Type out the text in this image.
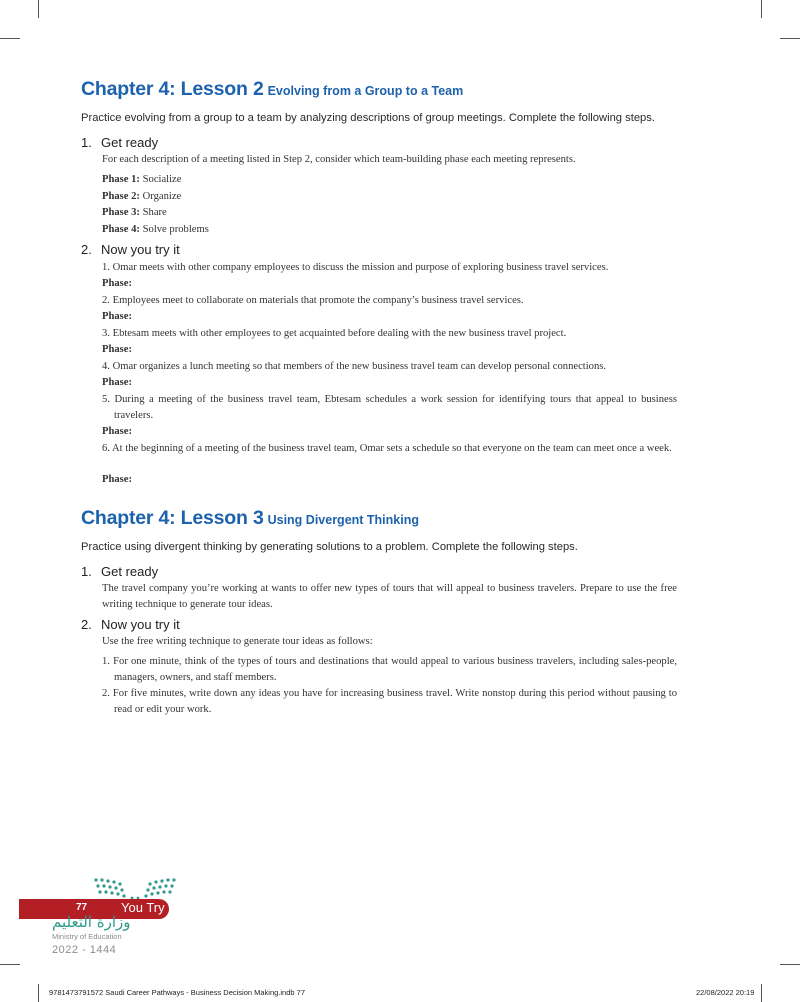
Chapter 4: Lesson 2 Evolving from a Group to a Team
Practice evolving from a group to a team by analyzing descriptions of group meetings. Complete the following steps.
1. Get ready
For each description of a meeting listed in Step 2, consider which team-building phase each meeting represents.
Phase 1: Socialize
Phase 2: Organize
Phase 3: Share
Phase 4: Solve problems
2. Now you try it
1. Omar meets with other company employees to discuss the mission and purpose of exploring business travel services.
Phase:
2. Employees meet to collaborate on materials that promote the company’s business travel services.
Phase:
3. Ebtesam meets with other employees to get acquainted before dealing with the new business travel project.
Phase:
4. Omar organizes a lunch meeting so that members of the new business travel team can develop personal connections.
Phase:
5. During a meeting of the business travel team, Ebtesam schedules a work session for identifying tours that appeal to business travelers.
Phase:
6. At the beginning of a meeting of the business travel team, Omar sets a schedule so that everyone on the team can meet once a week.
Phase:
Chapter 4: Lesson 3 Using Divergent Thinking
Practice using divergent thinking by generating solutions to a problem. Complete the following steps.
1. Get ready
The travel company you’re working at wants to offer new types of tours that will appeal to business travelers. Prepare to use the free writing technique to generate tour ideas.
2. Now you try it
Use the free writing technique to generate tour ideas as follows:
1. For one minute, think of the types of tours and destinations that would appeal to various business travelers, including sales-people, managers, owners, and staff members.
2. For five minutes, write down any ideas you have for increasing business travel. Write nonstop during this period without pausing to read or edit your work.
77	You Try It
وزارة التعليم
Ministry of Education
2022 - 1444
9781473791572 Saudi Career Pathways - Business Decision Making.indb 77	22/08/2022 20:19
